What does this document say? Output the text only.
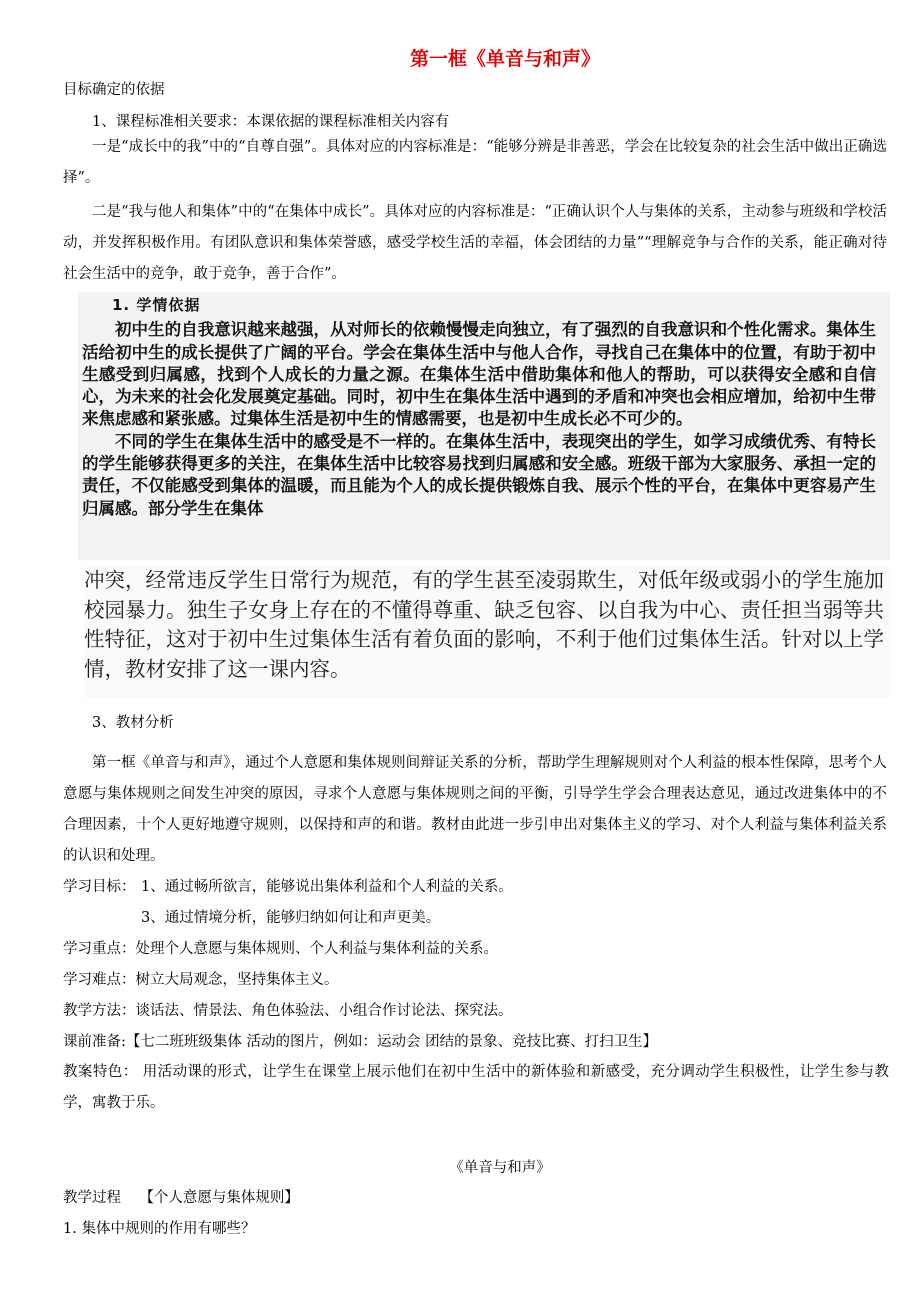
第一框《单音与和声》
目标确定的依据
1、课程标准相关要求：本课依据的课程标准相关内容有
一是“成长中的我”中的“自尊自强”。具体对应的内容标准是：“能够分辨是非善恶，学会在比较复杂的社会生活中做出正确选择”。
二是“我与他人和集体”中的“在集体中成长”。具体对应的内容标准是：“正确认识个人与集体的关系，主动参与班级和学校活动，并发挥积极作用。有团队意识和集体荣誉感，感受学校生活的幸福，体会团结的力量”“理解竞争与合作的关系，能正确对待社会生活中的竞争，敢于竞争，善于合作”。
1. 学情依据

初中生的自我意识越来越强，从对师长的依赖慢慢走向独立，有了强烈的自我意识和个性化需求。集体生活给初中生的成长提供了广阔的平台。学会在集体生活中与他人合作，寻找自己在集体中的位置，有助于初中生感受到归属感，找到个人成长的力量之源。在集体生活中借助集体和他人的帮助，可以获得安全感和自信心，为未来的社会化发展奠定基础。同时，初中生在集体生活中遇到的矛盾和冲突也会相应增加，给初中生带来焦虑感和紧张感。过集体生活是初中生的情感需要，也是初中生成长必不可少的。

不同的学生在集体生活中的感受是不一样的。在集体生活中，表现突出的学生，如学习成绩优秀、有特长的学生能够获得更多的关注，在集体生活中比较容易找到归属感和安全感。班级干部为大家服务、承担一定的责任，不仅能感受到集体的温暖，而且能为个人的成长提供锻炼自我、展示个性的平台，在集体中更容易产生归属感。部分学生在集体

冲突，经常违反学生日常行为规范，有的学生甚至凌弱欺生，对低年级或弱小的学生施加校园暴力。独生子女身上存在的不懂得尊重、缺乏包容、以自我为中心、责任担当弱等共性特征，这对于初中生过集体生活有着负面的影响，不利于他们过集体生活。针对以上学情，教材安排了这一课内容。

3、教材分析
第一框《单音与和声》，通过个人意愿和集体规则间辩证关系的分析，帮助学生理解规则对个人利益的根本性保障，思考个人意愿与集体规则之间发生冲突的原因，寻求个人意愿与集体规则之间的平衡，引导学生学会合理表达意见，通过改进集体中的不合理因素，十个人更好地遵守规则，以保持和声的和谐。教材由此进一步引申出对集体主义的学习、对个人利益与集体利益关系的认识和处理。
学习目标： 1、通过畅所欲言，能够说出集体利益和个人利益的关系。
3、通过情境分析，能够归纳如何让和声更美。
学习重点：处理个人意愿与集体规则、个人利益与集体利益的关系。
学习难点：树立大局观念，坚持集体主义。
教学方法：谈话法、情景法、角色体验法、小组合作讨论法、探究法。
课前准备:【七二班班级集体 活动的图片，例如：运动会 团结的景象、竞技比赛、打扫卫生】
教案特色： 用活动课的形式，让学生在课堂上展示他们在初中生活中的新体验和新感受，充分调动学生积极性，让学生参与教学，寓教于乐。
《单音与和声》
教学过程    【个人意愿与集体规则】
1. 集体中规则的作用有哪些？
